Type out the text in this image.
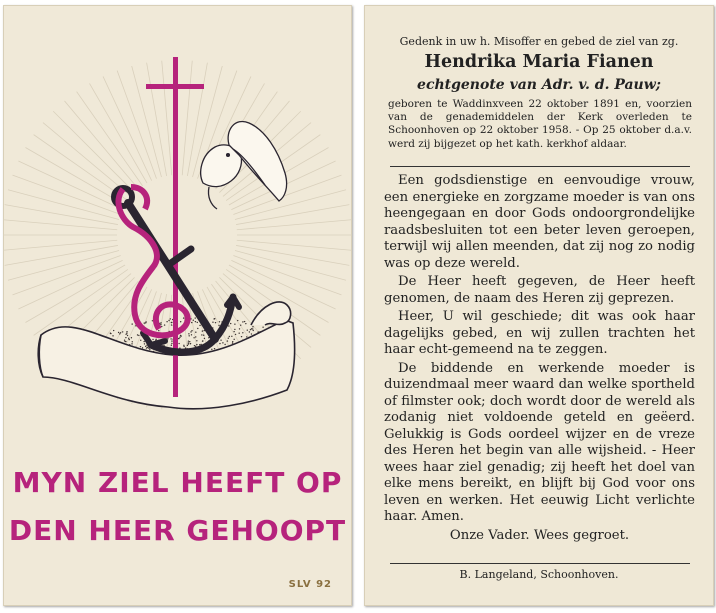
MYN ZIEL HEEFT OP
DEN HEER GEHOOPT
SLV 92
Gedenk in uw h. Misoffer en gebed de ziel van zg.
Hendrika Maria Fianen
echtgenote van Adr. v. d. Pauw;
geboren te Waddinxveen 22 oktober 1891 en, voorzien van de genademiddelen der Kerk overleden te Schoonhoven op 22 oktober 1958. - Op 25 oktober d.a.v. werd zij bijgezet op het kath. kerkhof aldaar.

Een godsdienstige en eenvoudige vrouw, een energieke en zorgzame moeder is van ons heengegaan en door Gods ondoorgrondelijke raadsbesluiten tot een beter leven geroepen, terwijl wij allen meenden, dat zij nog zo nodig was op deze wereld.

De Heer heeft gegeven, de Heer heeft genomen, de naam des Heren zij geprezen.

Heer, U wil geschiede; dit was ook haar dagelijks gebed, en wij zullen trachten het haar echt-gemeend na te zeggen.

De biddende en werkende moeder is duizendmaal meer waard dan welke sportheld of filmster ook; doch wordt door de wereld als zodanig niet voldoende geteld en geëerd. Gelukkig is Gods oordeel wijzer en de vreze des Heren het begin van alle wijsheid. - Heer wees haar ziel genadig; zij heeft het doel van elke mens bereikt, en blijft bij God voor ons leven en werken. Het eeuwig Licht verlichte haar. Amen.

Onze Vader. Wees gegroet.

B. Langeland, Schoonhoven.
